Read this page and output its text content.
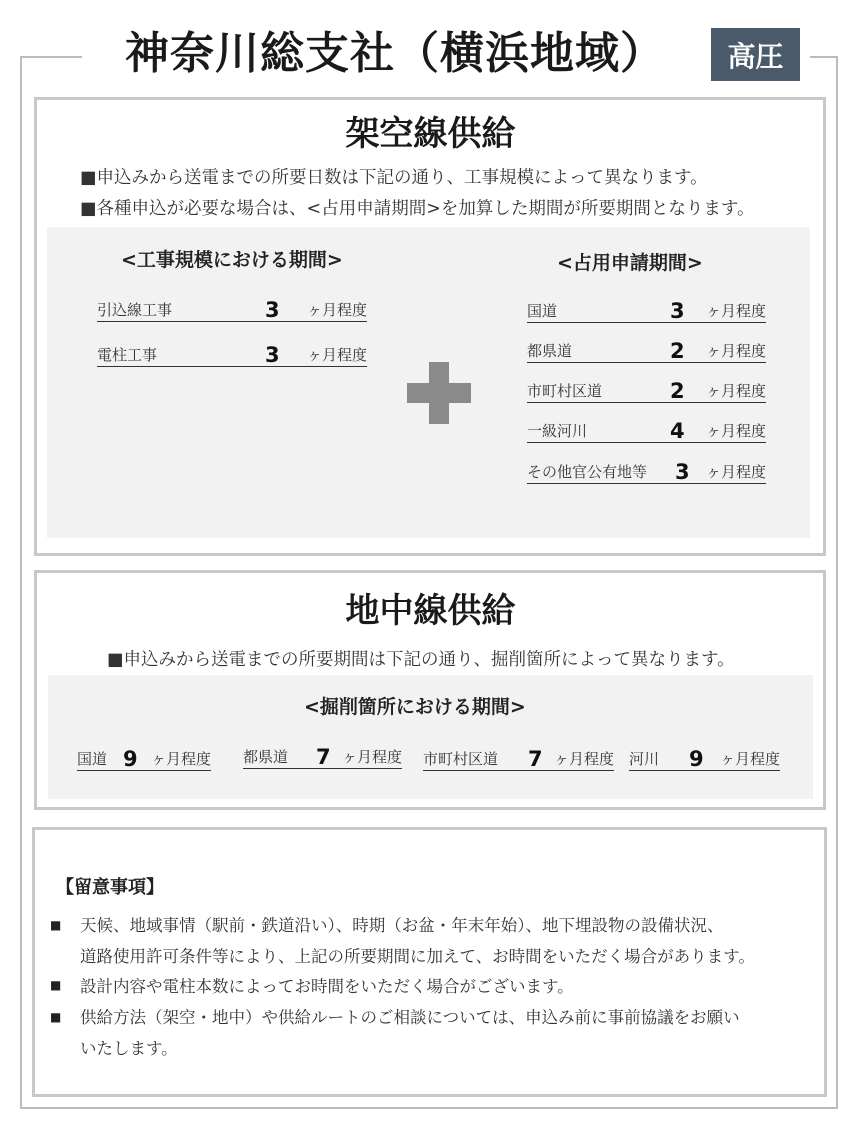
神奈川総支社（横浜地域）	高圧
架空線供給
■申込みから送電までの所要日数は下記の通り、工事規模によって異なります。
■各種申込が必要な場合は、<占用申請期間>を加算した期間が所要期間となります。
<工事規模における期間>	<占用申請期間>
引込線工事	3 ヶ月程度
電柱工事	3 ヶ月程度
国道	3 ヶ月程度
都県道	2 ヶ月程度
市町村区道	2 ヶ月程度
一級河川	4 ヶ月程度
その他官公有地等 3 ヶ月程度
地中線供給
■申込みから送電までの所要期間は下記の通り、掘削箇所によって異なります。
<掘削箇所における期間>
国道 9 ヶ月程度 都県道 7 ヶ月程度 市町村区道 7 ヶ月程度 河川 9 ヶ月程度
【留意事項】
■ 天候、地域事情（駅前・鉄道沿い）、時期（お盆・年末年始）、地下埋設物の設備状況、
道路使用許可条件等により、上記の所要期間に加えて、お時間をいただく場合があります。
■ 設計内容や電柱本数によってお時間をいただく場合がございます。
■ 供給方法（架空・地中）や供給ルートのご相談については、申込み前に事前協議をお願い
いたします。
